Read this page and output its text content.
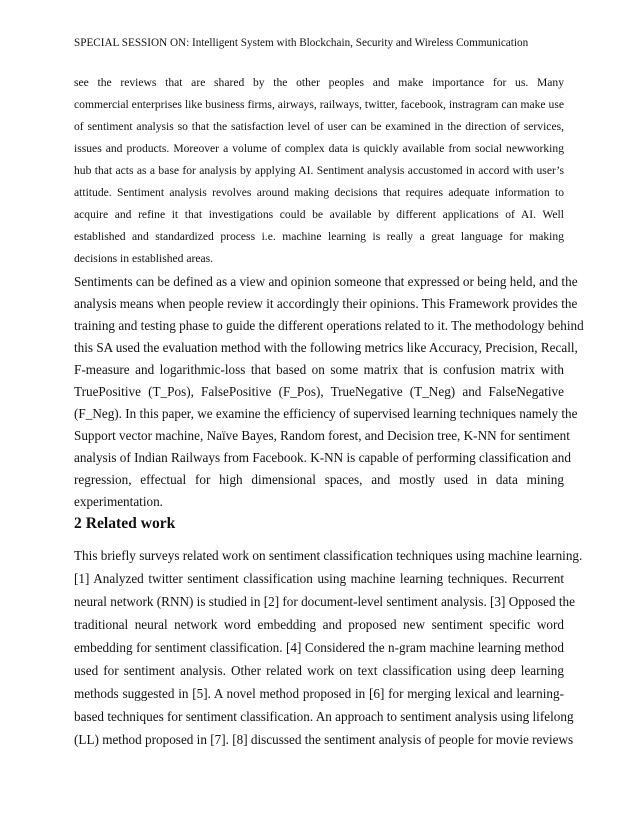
SPECIAL SESSION ON: Intelligent System with Blockchain, Security and Wireless Communication
see the reviews that are shared by the other peoples and make importance for us. Many
commercial enterprises like business firms, airways, railways, twitter, facebook, instragram can make use
of sentiment analysis so that the satisfaction level of user can be examined in the direction of services,
issues and products. Moreover a volume of complex data is quickly available from social newworking
hub that acts as a base for analysis by applying AI. Sentiment analysis accustomed in accord with user’s
attitude. Sentiment analysis revolves around making decisions that requires adequate information to
acquire and refine it that investigations could be available by different applications of AI. Well
established and standardized process i.e. machine learning is really a great language for making
decisions in established areas.
Sentiments can be defined as a view and opinion someone that expressed or being held, and the
analysis means when people review it accordingly their opinions. This Framework provides the
training and testing phase to guide the different operations related to it. The methodology behind
this SA used the evaluation method with the following metrics like Accuracy, Precision, Recall,
F-measure and logarithmic-loss that based on some matrix that is confusion matrix with
TruePositive (T_Pos), FalsePositive (F_Pos), TrueNegative (T_Neg) and FalseNegative
(F_Neg). In this paper, we examine the efficiency of supervised learning techniques namely the
Support vector machine, Naïve Bayes, Random forest, and Decision tree, K-NN for sentiment
analysis of Indian Railways from Facebook. K-NN is capable of performing classification and
regression, effectual for high dimensional spaces, and mostly used in data mining
experimentation.
2 Related work
This briefly surveys related work on sentiment classification techniques using machine learning.
[1] Analyzed twitter sentiment classification using machine learning techniques. Recurrent
neural network (RNN) is studied in [2] for document-level sentiment analysis. [3] Opposed the
traditional neural network word embedding and proposed new sentiment specific word
embedding for sentiment classification. [4] Considered the n-gram machine learning method
used for sentiment analysis. Other related work on text classification using deep learning
methods suggested in [5]. A novel method proposed in [6] for merging lexical and learning-
based techniques for sentiment classification. An approach to sentiment analysis using lifelong
(LL) method proposed in [7]. [8] discussed the sentiment analysis of people for movie reviews
